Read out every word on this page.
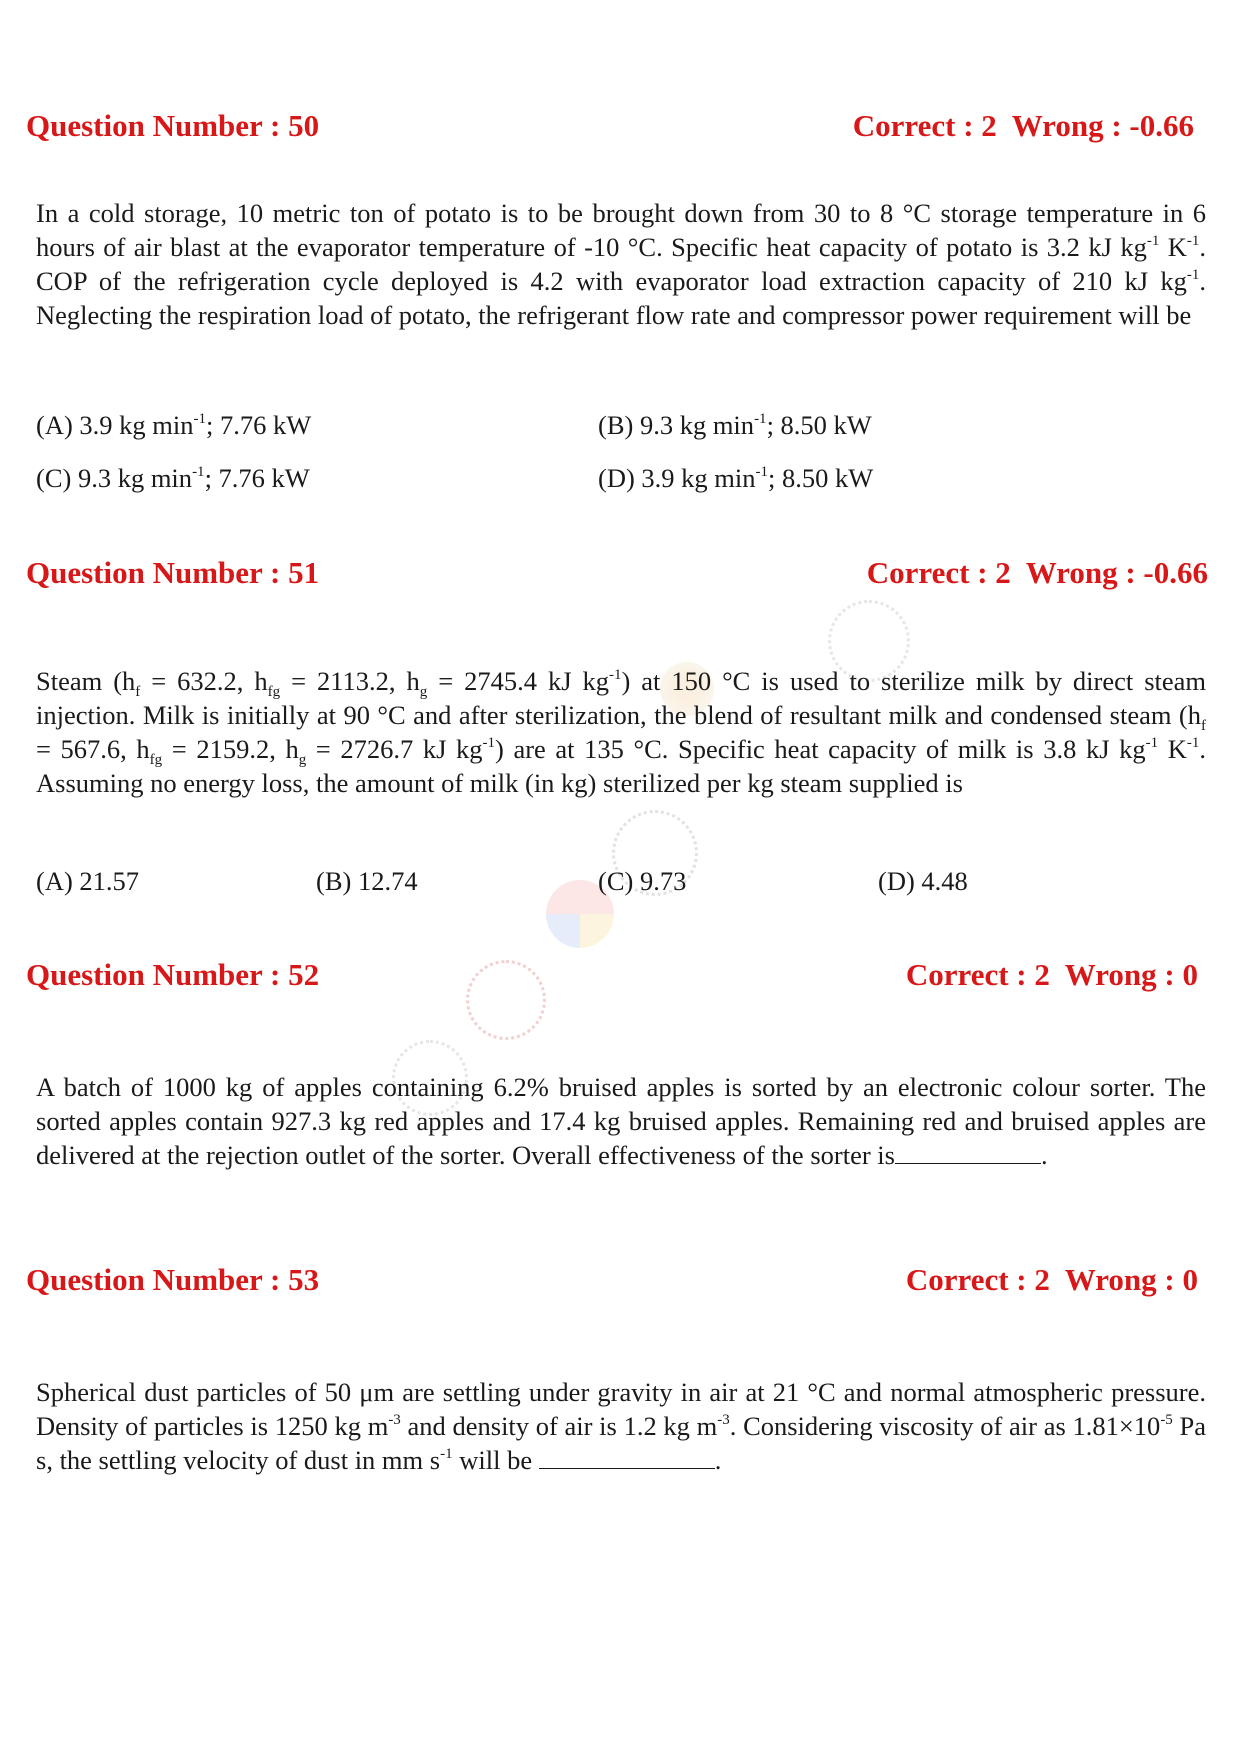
Question Number : 50	Correct : 2  Wrong : -0.66
In a cold storage, 10 metric ton of potato is to be brought down from 30 to 8 °C storage temperature in 6 hours of air blast at the evaporator temperature of -10 °C. Specific heat capacity of potato is 3.2 kJ $kg^{-1}$ $K^{-1}$. COP of the refrigeration cycle deployed is 4.2 with evaporator load extraction capacity of 210 kJ $kg^{-1}$. Neglecting the respiration load of potato, the refrigerant flow rate and compressor power requirement will be
(A) 3.9 kg $\min^{-1}$; 7.76 kW	(B) 9.3 kg $\min^{-1}$; 8.50 kW
(C) 9.3 kg $\min^{-1}$; 7.76 kW	(D) 3.9 kg $\min^{-1}$; 8.50 kW
Question Number : 51	Correct : 2  Wrong : -0.66
Steam ($h_f = 632.2$, $h_{fg} = 2113.2$, $h_g = 2745.4$ kJ $kg^{-1}$) at 150 °C is used to sterilize milk by direct steam injection. Milk is initially at 90 °C and after sterilization, the blend of resultant milk and condensed steam ($h_f = 567.6$, $h_{fg} = 2159.2$, $h_g = 2726.7$ kJ $kg^{-1}$) are at 135 °C. Specific heat capacity of milk is 3.8 kJ $kg^{-1}$ $K^{-1}$. Assuming no energy loss, the amount of milk (in kg) sterilized per kg steam supplied is
(A) 21.57	(B) 12.74	(C) 9.73	(D) 4.48
Question Number : 52	Correct : 2  Wrong : 0
A batch of 1000 kg of apples containing 6.2% bruised apples is sorted by an electronic colour sorter. The sorted apples contain 927.3 kg red apples and 17.4 kg bruised apples. Remaining red and bruised apples are delivered at the rejection outlet of the sorter. Overall effectiveness of the sorter is	.
Question Number : 53	Correct : 2  Wrong : 0
Spherical dust particles of 50 μm are settling under gravity in air at 21 °C and normal atmospheric pressure. Density of particles is 1250 kg $m^{-3}$ and density of air is 1.2 kg $m^{-3}$. Considering viscosity of air as $1.81\times 10^{-5}$ Pa s, the settling velocity of dust in mm $s^{-1}$ will be	.
